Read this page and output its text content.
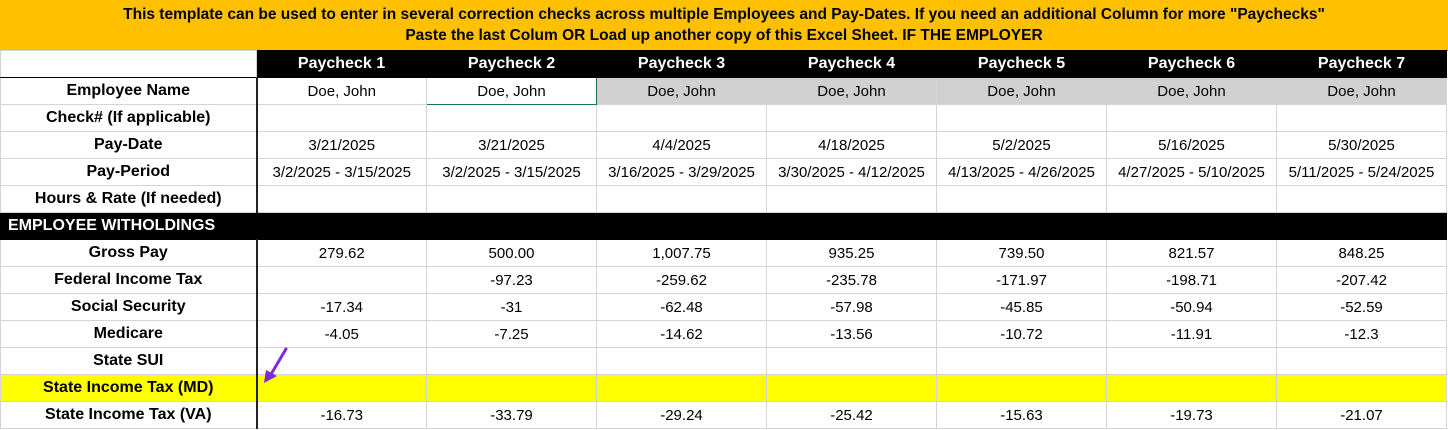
This template can be used to enter in several correction checks across multiple Employees and Pay-Dates. If you need an additional Column for more "Paychecks"
Paste the last Colum OR Load up another copy of this Excel Sheet. IF THE EMPLOYER
	Paycheck 1	Paycheck 2	Paycheck 3	Paycheck 4	Paycheck 5	Paycheck 6	Paycheck 7
Employee Name	Doe, John	Doe, John	Doe, John	Doe, John	Doe, John	Doe, John	Doe, John
Check# (If applicable)							
Pay-Date	3/21/2025	3/21/2025	4/4/2025	4/18/2025	5/2/2025	5/16/2025	5/30/2025
Pay-Period	3/2/2025 - 3/15/2025	3/2/2025 - 3/15/2025	3/16/2025 - 3/29/2025	3/30/2025 - 4/12/2025	4/13/2025 - 4/26/2025	4/27/2025 - 5/10/2025	5/11/2025 - 5/24/2025
Hours & Rate (If needed)							
EMPLOYEE WITHOLDINGS							
Gross Pay	279.62	500.00	1,007.75	935.25	739.50	821.57	848.25
Federal Income Tax		-97.23	-259.62	-235.78	-171.97	-198.71	-207.42
Social Security	-17.34	-31	-62.48	-57.98	-45.85	-50.94	-52.59
Medicare	-4.05	-7.25	-14.62	-13.56	-10.72	-11.91	-12.3
State SUI							
State Income Tax (MD)							
State Income Tax (VA)	-16.73	-33.79	-29.24	-25.42	-15.63	-19.73	-21.07
